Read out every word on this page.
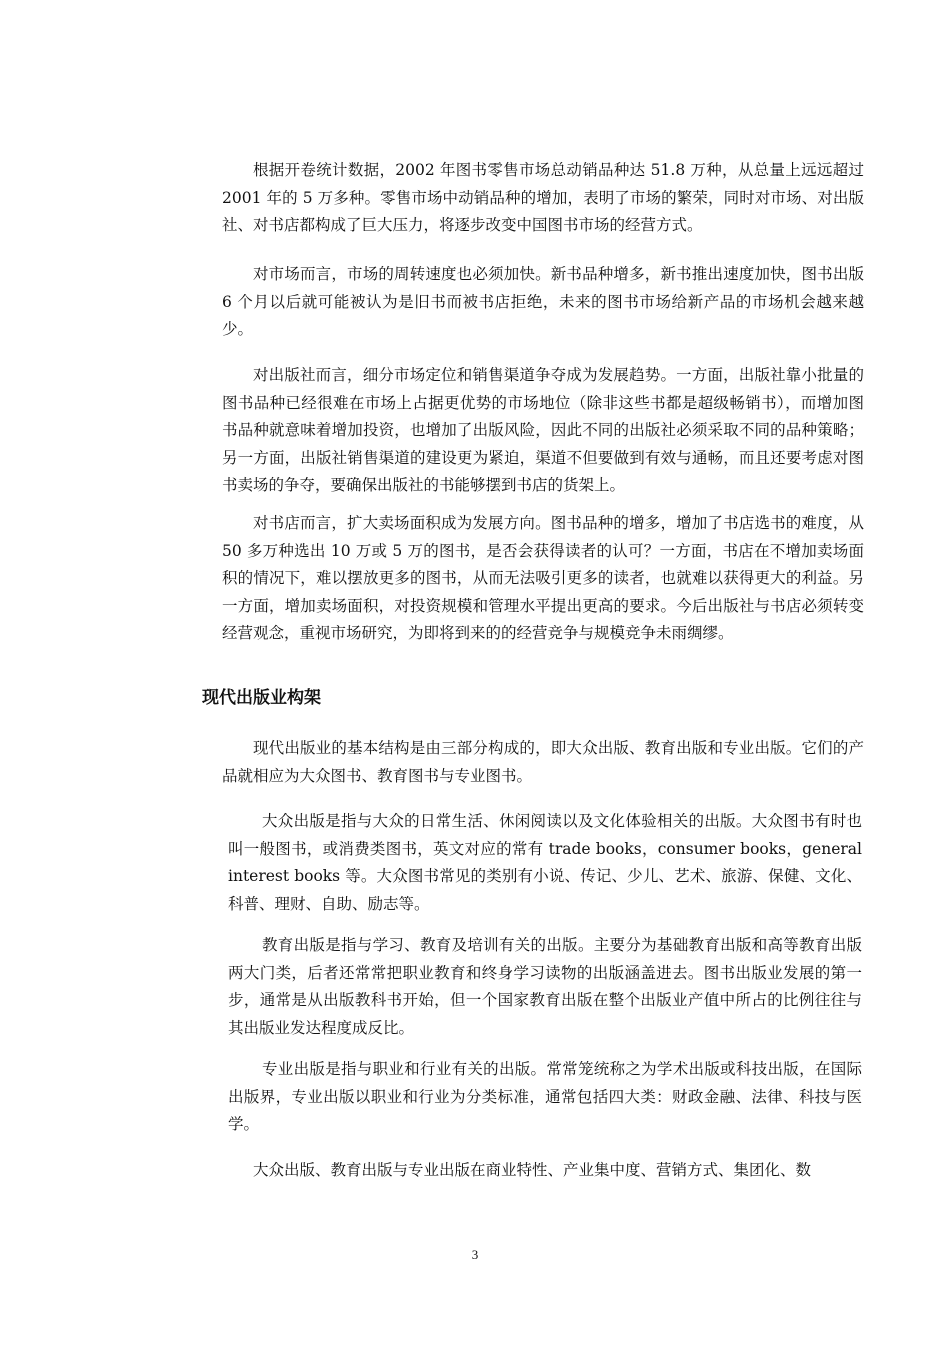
根据开卷统计数据，2002 年图书零售市场总动销品种达 51.8 万种，从总量上远远超过 2001 年的 5 万多种。零售市场中动销品种的增加，表明了市场的繁荣，同时对市场、对出版社、对书店都构成了巨大压力，将逐步改变中国图书市场的经营方式。

对市场而言，市场的周转速度也必须加快。新书品种增多，新书推出速度加快，图书出版 6 个月以后就可能被认为是旧书而被书店拒绝，未来的图书市场给新产品的市场机会越来越少。

对出版社而言，细分市场定位和销售渠道争夺成为发展趋势。一方面，出版社靠小批量的图书品种已经很难在市场上占据更优势的市场地位（除非这些书都是超级畅销书），而增加图书品种就意味着增加投资，也增加了出版风险，因此不同的出版社必须采取不同的品种策略；另一方面，出版社销售渠道的建设更为紧迫，渠道不但要做到有效与通畅，而且还要考虑对图书卖场的争夺，要确保出版社的书能够摆到书店的货架上。

对书店而言，扩大卖场面积成为发展方向。图书品种的增多，增加了书店选书的难度，从 50 多万种选出 10 万或 5 万的图书，是否会获得读者的认可？一方面，书店在不增加卖场面积的情况下，难以摆放更多的图书，从而无法吸引更多的读者，也就难以获得更大的利益。另一方面，增加卖场面积，对投资规模和管理水平提出更高的要求。今后出版社与书店必须转变经营观念，重视市场研究，为即将到来的的经营竞争与规模竞争未雨绸缪。

现代出版业构架

现代出版业的基本结构是由三部分构成的，即大众出版、教育出版和专业出版。它们的产品就相应为大众图书、教育图书与专业图书。

大众出版是指与大众的日常生活、休闲阅读以及文化体验相关的出版。大众图书有时也叫一般图书，或消费类图书，英文对应的常有 trade books，consumer books，general interest books 等。大众图书常见的类别有小说、传记、少儿、艺术、旅游、保健、文化、科普、理财、自助、励志等。

教育出版是指与学习、教育及培训有关的出版。主要分为基础教育出版和高等教育出版两大门类，后者还常常把职业教育和终身学习读物的出版涵盖进去。图书出版业发展的第一步，通常是从出版教科书开始，但一个国家教育出版在整个出版业产值中所占的比例往往与其出版业发达程度成反比。

专业出版是指与职业和行业有关的出版。常常笼统称之为学术出版或科技出版，在国际出版界，专业出版以职业和行业为分类标准，通常包括四大类：财政金融、法律、科技与医学。

大众出版、教育出版与专业出版在商业特性、产业集中度、营销方式、集团化、数

3
